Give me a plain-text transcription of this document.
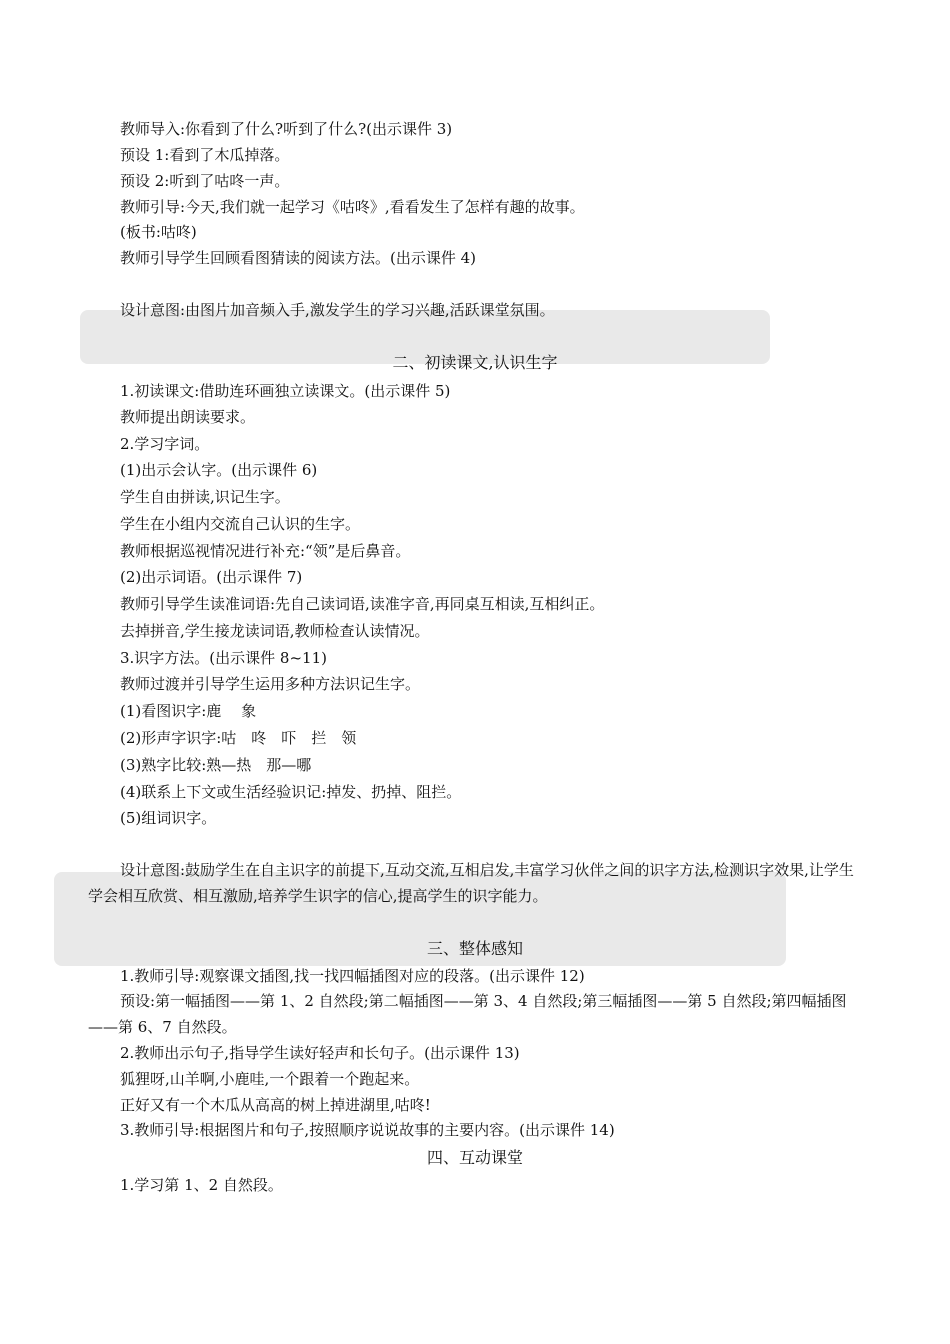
教师导入:你看到了什么?听到了什么?(出示课件 3)
预设 1:看到了木瓜掉落。
预设 2:听到了咕咚一声。
教师引导:今天,我们就一起学习《咕咚》,看看发生了怎样有趣的故事。
(板书:咕咚)
教师引导学生回顾看图猜读的阅读方法。(出示课件 4)
设计意图:由图片加音频入手,激发学生的学习兴趣,活跃课堂氛围。
二、初读课文,认识生字
1.初读课文:借助连环画独立读课文。(出示课件 5)
教师提出朗读要求。
2.学习字词。
(1)出示会认字。(出示课件 6)
学生自由拼读,识记生字。
学生在小组内交流自己认识的生字。
教师根据巡视情况进行补充:“领”是后鼻音。
(2)出示词语。(出示课件 7)
教师引导学生读准词语:先自己读词语,读准字音,再同桌互相读,互相纠正。
去掉拼音,学生接龙读词语,教师检查认读情况。
3.识字方法。(出示课件 8~11)
教师过渡并引导学生运用多种方法识记生字。
(1)看图识字:鹿　 象
(2)形声字识字:咕　咚　吓　拦　领
(3)熟字比较:熟—热　那—哪
(4)联系上下文或生活经验识记:掉发、扔掉、阻拦。
(5)组词识字。
设计意图:鼓励学生在自主识字的前提下,互动交流,互相启发,丰富学习伙伴之间的识字方法,检测识字效果,让学生学会相互欣赏、相互激励,培养学生识字的信心,提高学生的识字能力。
三、整体感知
1.教师引导:观察课文插图,找一找四幅插图对应的段落。(出示课件 12)
预设:第一幅插图——第 1、2 自然段;第二幅插图——第 3、4 自然段;第三幅插图——第 5 自然段;第四幅插图——第 6、7 自然段。
2.教师出示句子,指导学生读好轻声和长句子。(出示课件 13)
狐狸呀,山羊啊,小鹿哇,一个跟着一个跑起来。
正好又有一个木瓜从高高的树上掉进湖里,咕咚!
3.教师引导:根据图片和句子,按照顺序说说故事的主要内容。(出示课件 14)
四、互动课堂
1.学习第 1、2 自然段。
